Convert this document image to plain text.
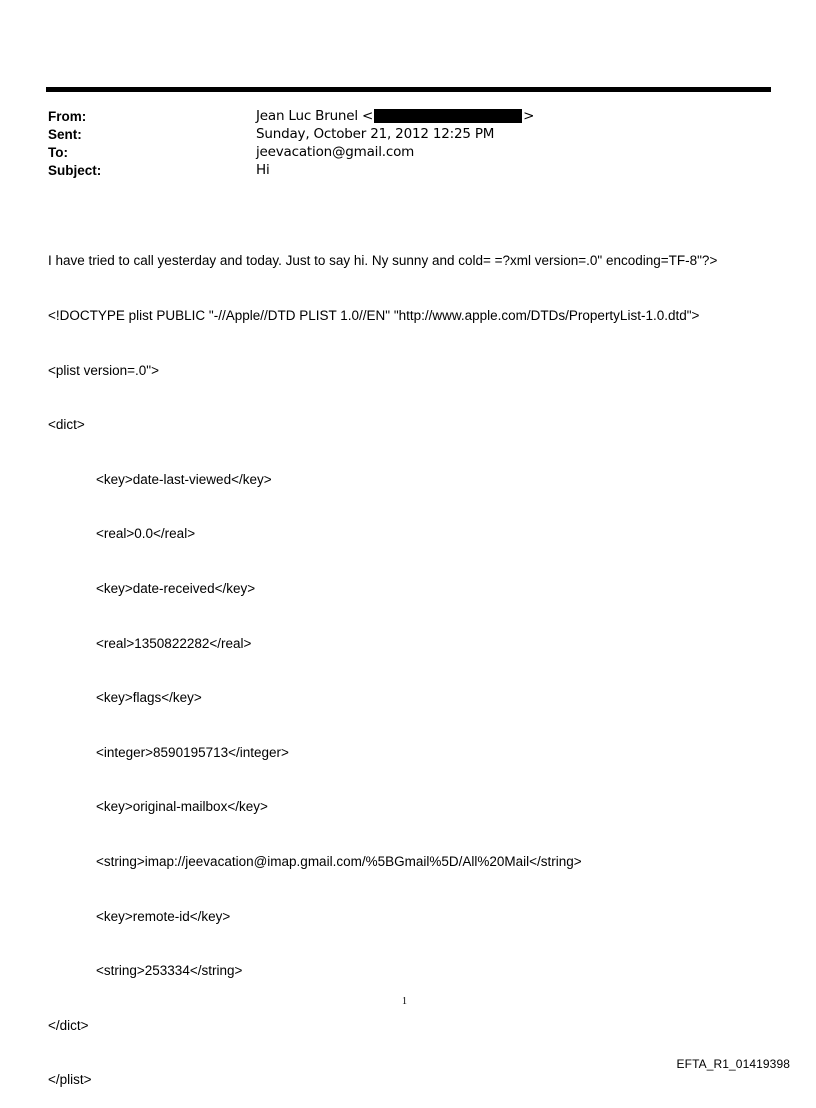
From:	Jean Luc Brunel
<	>
Sent:	Sunday, October 21, 2012 12:25 PM
To:	jeevacation@gmail.com
Subject:	Hi

I have tried to call yesterday and today. Just to say hi. Ny sunny and cold= =?xml version=.0" encoding=TF-8"?>

<!DOCTYPE plist PUBLIC "-//Apple//DTD PLIST 1.0//EN" "http://www.apple.com/DTDs/PropertyList-1.0.dtd">

<plist version=.0">

<dict>

<key>date-last-viewed</key>

<real>0.0</real>

<key>date-received</key>

<real>1350822282</real>

<key>flags</key>

<integer>8590195713</integer>

<key>original-mailbox</key>

<string>imap://jeevacation@imap.gmail.com/%5BGmail%5D/All%20Mail</string>

<key>remote-id</key>

<string>253334</string>

</dict>

</plist>

1
EFTA_R1_01419398
